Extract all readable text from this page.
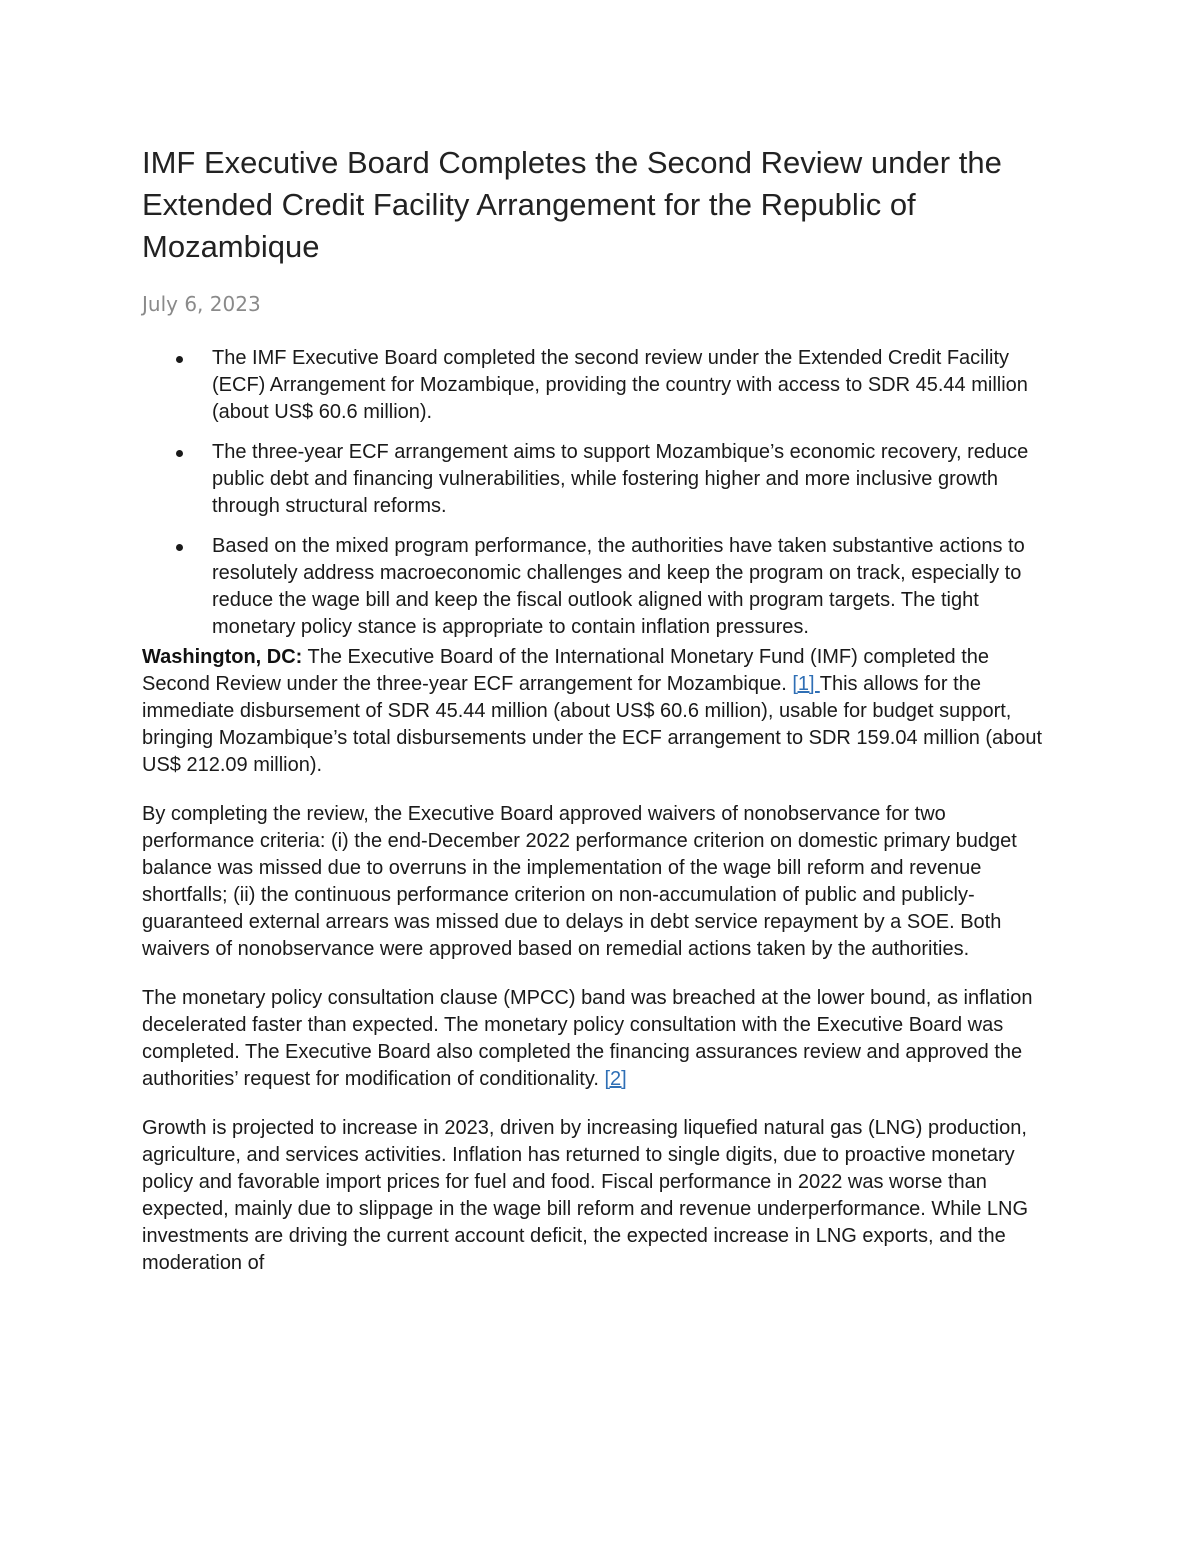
IMF Executive Board Completes the Second Review under the Extended Credit Facility Arrangement for the Republic of Mozambique
July 6, 2023
The IMF Executive Board completed the second review under the Extended Credit Facility (ECF) Arrangement for Mozambique, providing the country with access to SDR 45.44 million (about US$ 60.6 million).
The three-year ECF arrangement aims to support Mozambique’s economic recovery, reduce public debt and financing vulnerabilities, while fostering higher and more inclusive growth through structural reforms.
Based on the mixed program performance, the authorities have taken substantive actions to resolutely address macroeconomic challenges and keep the program on track, especially to reduce the wage bill and keep the fiscal outlook aligned with program targets. The tight monetary policy stance is appropriate to contain inflation pressures.

Washington, DC: The Executive Board of the International Monetary Fund (IMF) completed the Second Review under the three-year ECF arrangement for Mozambique. [1] This allows for the immediate disbursement of SDR 45.44 million (about US$ 60.6 million), usable for budget support, bringing Mozambique’s total disbursements under the ECF arrangement to SDR 159.04 million (about US$ 212.09 million).

By completing the review, the Executive Board approved waivers of nonobservance for two performance criteria: (i) the end-December 2022 performance criterion on domestic primary budget balance was missed due to overruns in the implementation of the wage bill reform and revenue shortfalls; (ii) the continuous performance criterion on non-accumulation of public and publicly-guaranteed external arrears was missed due to delays in debt service repayment by a SOE. Both waivers of nonobservance were approved based on remedial actions taken by the authorities.

The monetary policy consultation clause (MPCC) band was breached at the lower bound, as inflation decelerated faster than expected. The monetary policy consultation with the Executive Board was completed. The Executive Board also completed the financing assurances review and approved the authorities’ request for modification of conditionality. [2]

Growth is projected to increase in 2023, driven by increasing liquefied natural gas (LNG) production, agriculture, and services activities. Inflation has returned to single digits, due to proactive monetary policy and favorable import prices for fuel and food. Fiscal performance in 2022 was worse than expected, mainly due to slippage in the wage bill reform and revenue underperformance. While LNG investments are driving the current account deficit, the expected increase in LNG exports, and the moderation of
